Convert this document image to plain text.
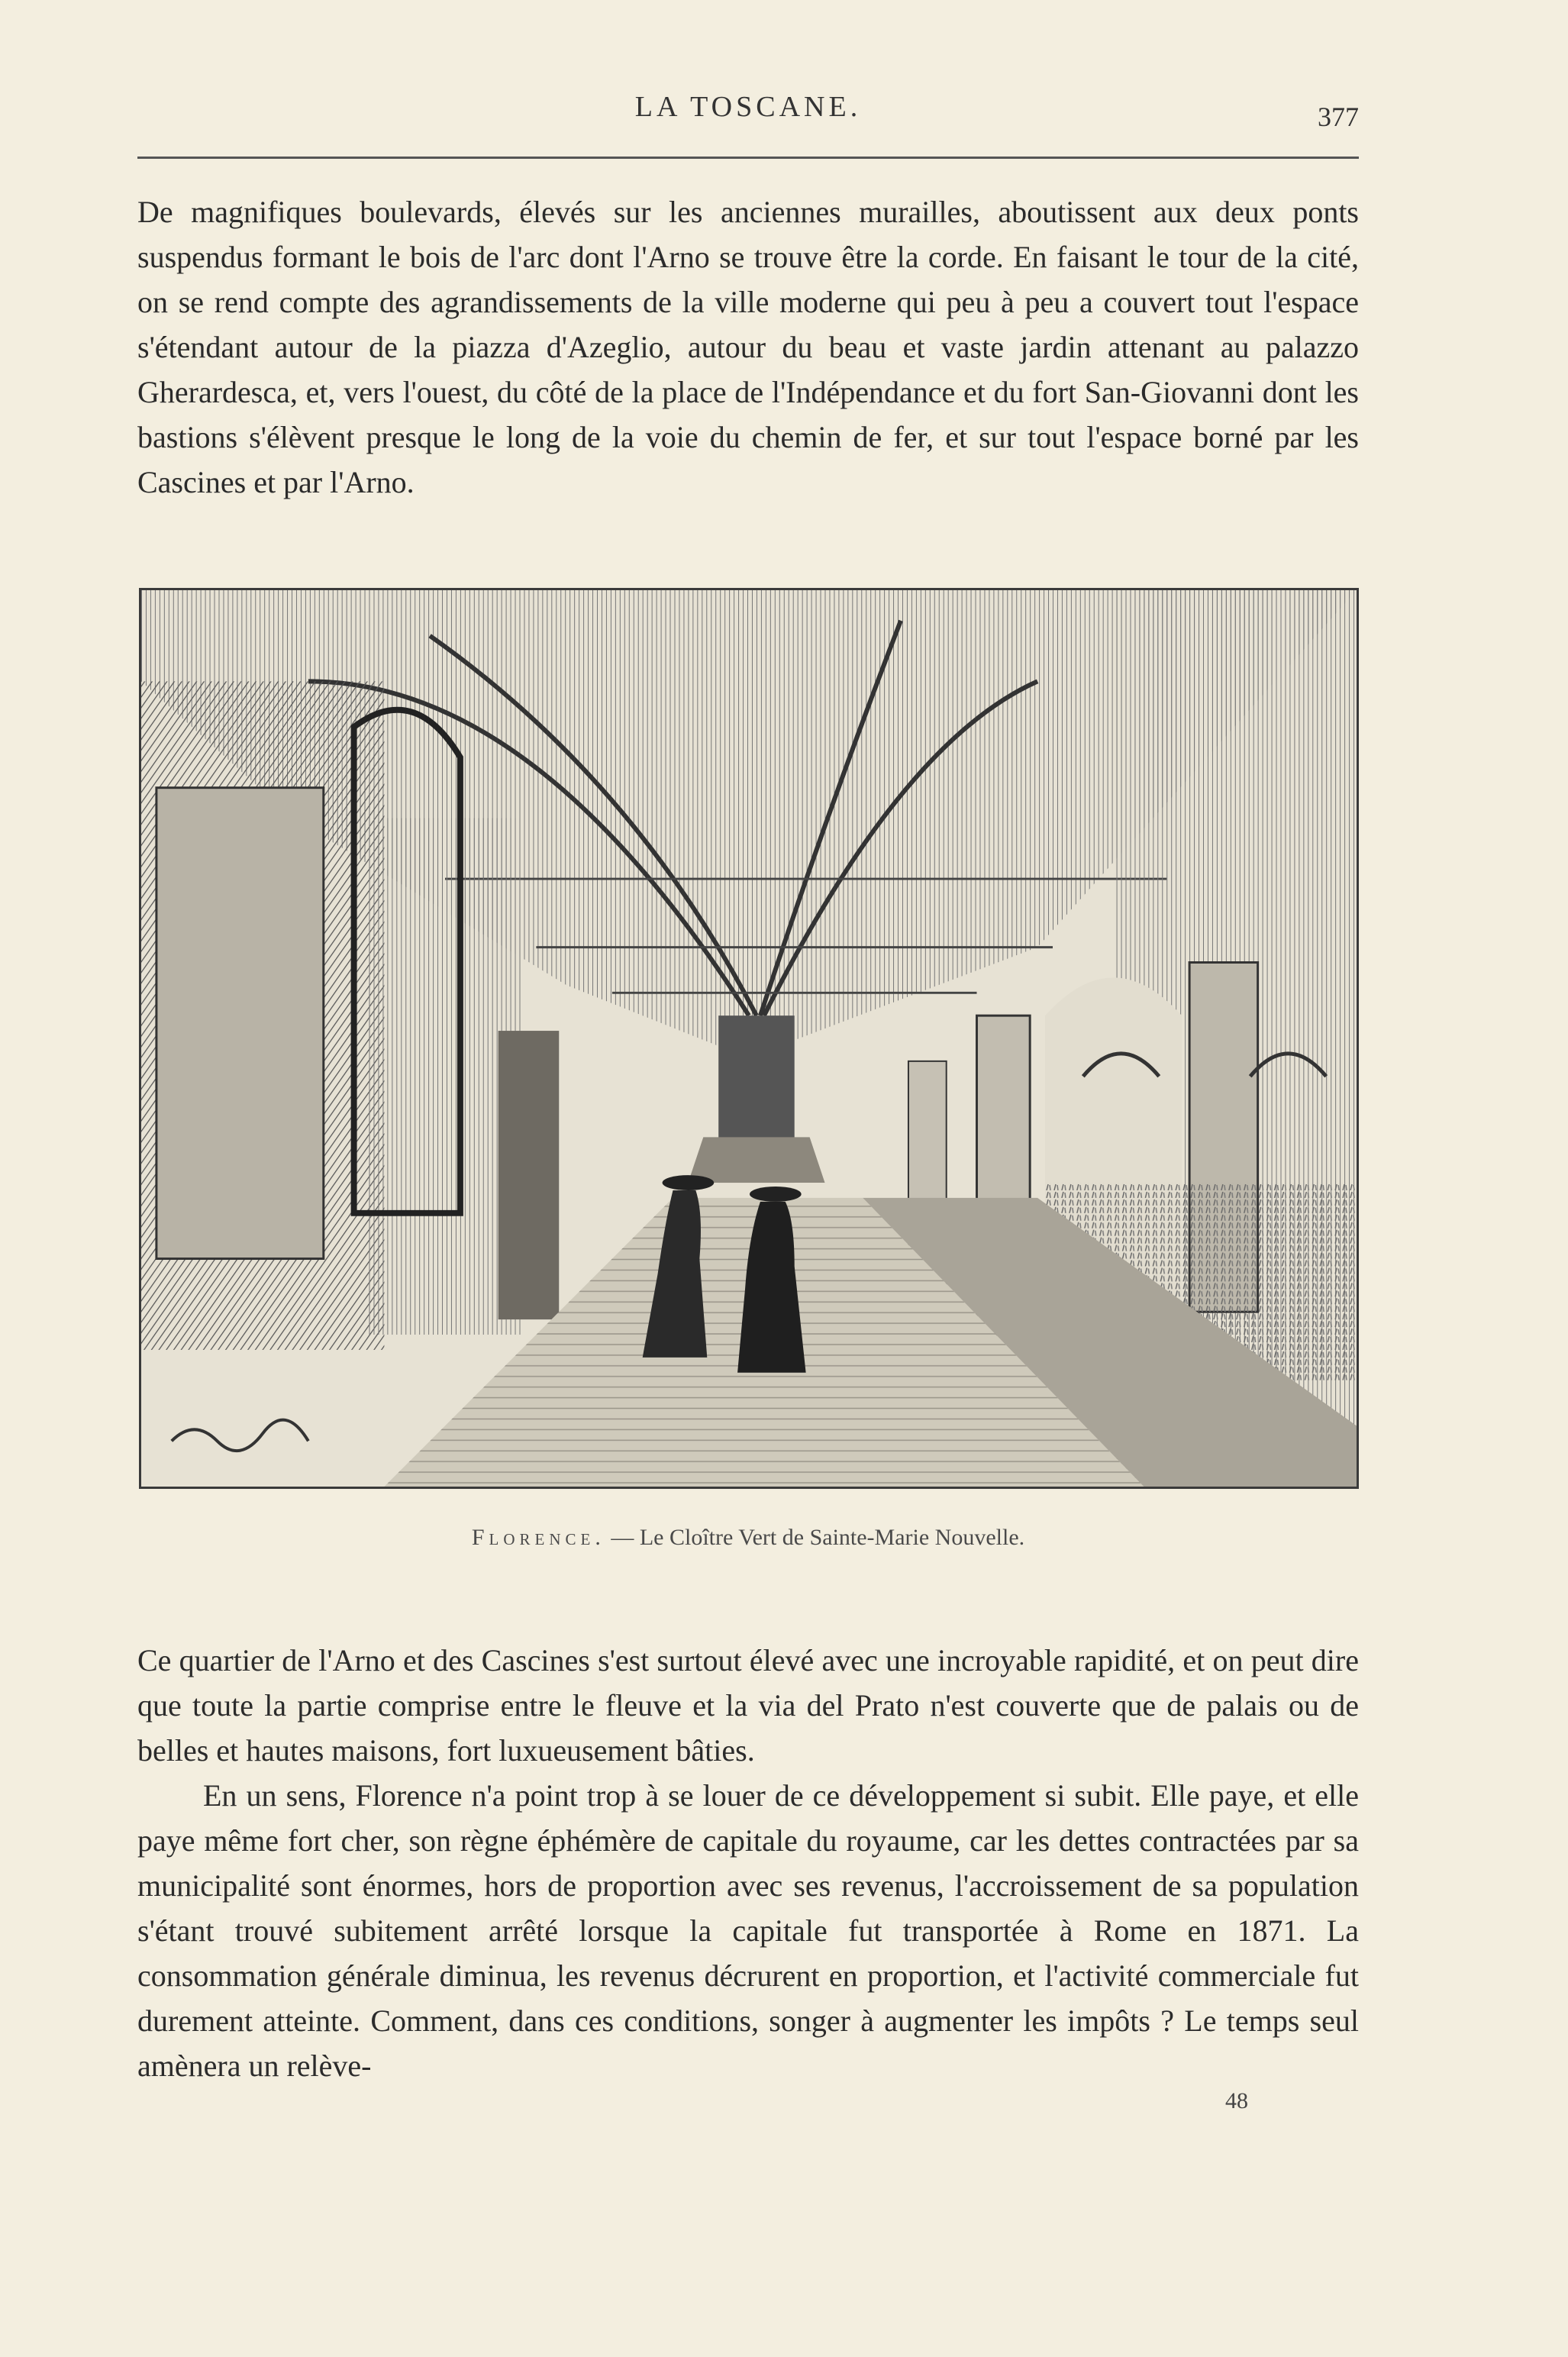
LA TOSCANE.	377

De magnifiques boulevards, élevés sur les anciennes murailles, aboutissent aux deux ponts suspendus formant le bois de l'arc dont l'Arno se trouve être la corde. En faisant le tour de la cité, on se rend compte des agrandissements de la ville moderne qui peu à peu a couvert tout l'espace s'étendant autour de la piazza d'Azeglio, autour du beau et vaste jardin attenant au palazzo Gherardesca, et, vers l'ouest, du côté de la place de l'Indépendance et du fort San-Giovanni dont les bastions s'élèvent presque le long de la voie du chemin de fer, et sur tout l'espace borné par les Cascines et par l'Arno.

Florence. — Le Cloître Vert de Sainte-Marie Nouvelle.

Ce quartier de l'Arno et des Cascines s'est surtout élevé avec une incroyable rapidité, et on peut dire que toute la partie comprise entre le fleuve et la via del Prato n'est couverte que de palais ou de belles et hautes maisons, fort luxueusement bâties.

En un sens, Florence n'a point trop à se louer de ce développement si subit. Elle paye, et elle paye même fort cher, son règne éphémère de capitale du royaume, car les dettes contractées par sa municipalité sont énormes, hors de proportion avec ses revenus, l'accroissement de sa population s'étant trouvé subitement arrêté lorsque la capitale fut transportée à Rome en 1871. La consommation générale diminua, les revenus décrurent en proportion, et l'activité commerciale fut durement atteinte. Comment, dans ces conditions, songer à augmenter les impôts ? Le temps seul amènera un relève-

48
